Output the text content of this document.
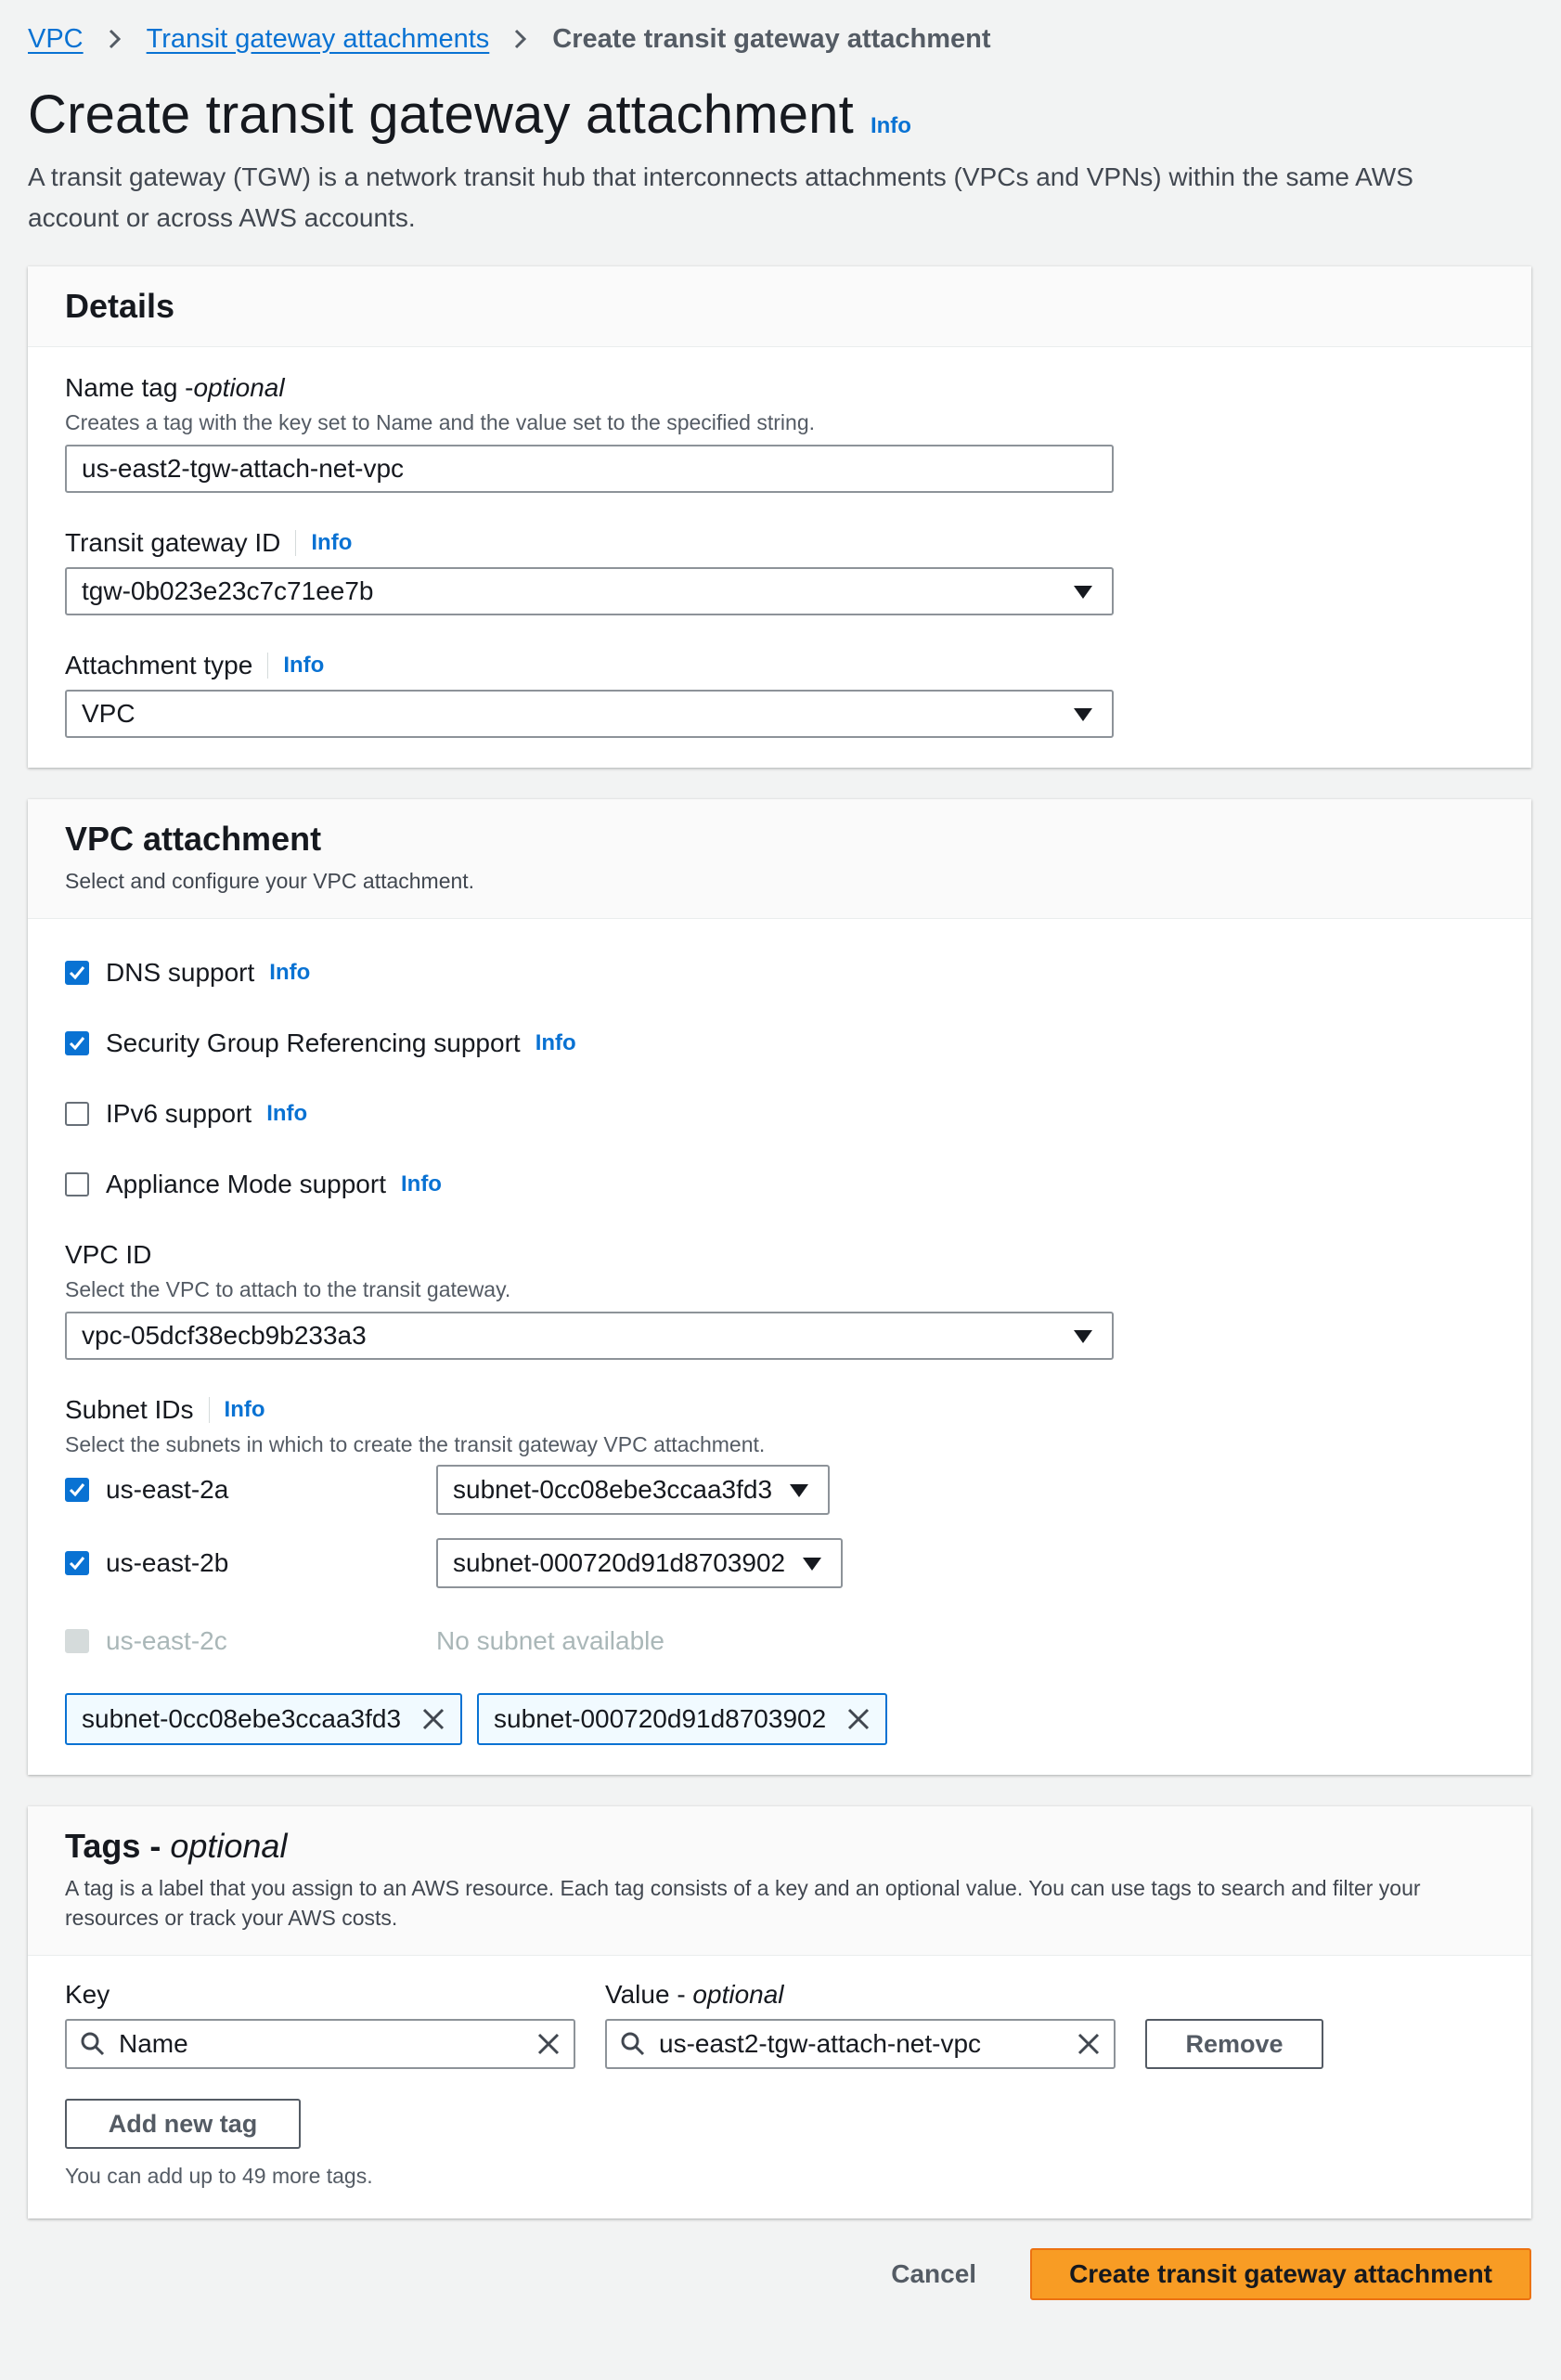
VPC Transit gateway attachments Create transit gateway attachment
Create transit gateway attachment Info
A transit gateway (TGW) is a network transit hub that interconnects attachments (VPCs and VPNs) within the same AWS account or across AWS accounts.
Details
Name tag - optional
Creates a tag with the key set to Name and the value set to the specified string.
us-east2-tgw-attach-net-vpc
Transit gateway ID Info
tgw-0b023e23c7c71ee7b
Attachment type Info
VPC
VPC attachment
Select and configure your VPC attachment.
DNS support Info
Security Group Referencing support Info
IPv6 support Info
Appliance Mode support Info
VPC ID
Select the VPC to attach to the transit gateway.
vpc-05dcf38ecb9b233a3
Subnet IDs Info
Select the subnets in which to create the transit gateway VPC attachment.
us-east-2a	subnet-0cc08ebe3ccaa3fd3
us-east-2b	subnet-000720d91d8703902
us-east-2c	No subnet available
subnet-0cc08ebe3ccaa3fd3	subnet-000720d91d8703902
Tags - optional
A tag is a label that you assign to an AWS resource. Each tag consists of a key and an optional value. You can use tags to search and filter your resources or track your AWS costs.
Key
Name
Value - optional
us-east2-tgw-attach-net-vpc	Remove
Add new tag
You can add up to 49 more tags.
Cancel	Create transit gateway attachment
